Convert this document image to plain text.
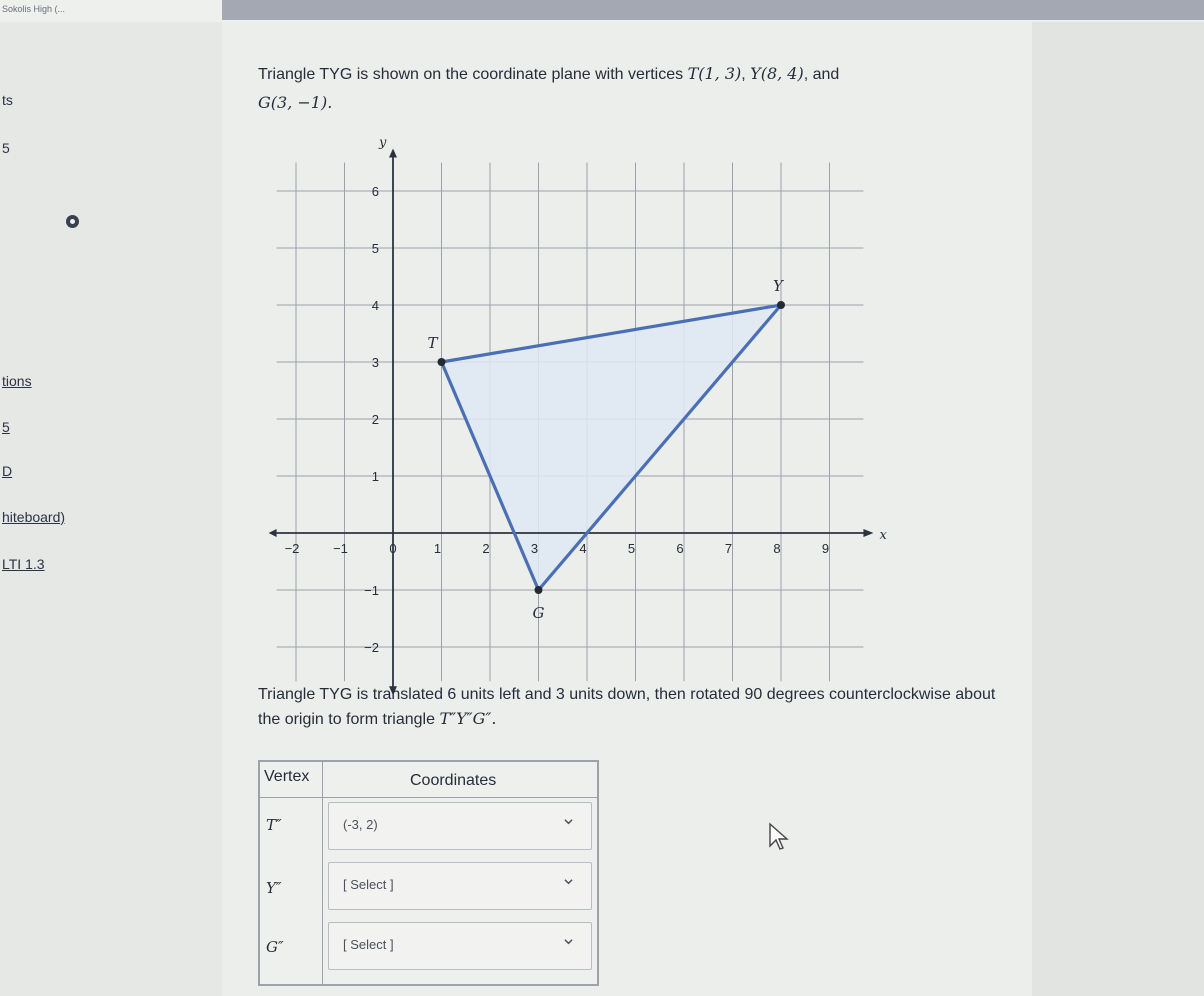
Sokolis High (...
ts
5
tions
5
D
hiteboard)
LTI 1.3
Triangle TYG is shown on the coordinate plane with vertices T(1, 3), Y(8, 4), and
G(3, −1).
−2	−1	0	1	2	3	4	5	6	7	8	9
6
5
4
3
2
1
−1
−2
x
y
T
Y
G
Triangle TYG is translated 6 units left and 3 units down, then rotated 90 degrees counterclockwise about the origin to form triangle T″Y″G″.
Vertex	Coordinates
T″	(-3, 2)
Y″	[ Select ]
G″	[ Select ]
